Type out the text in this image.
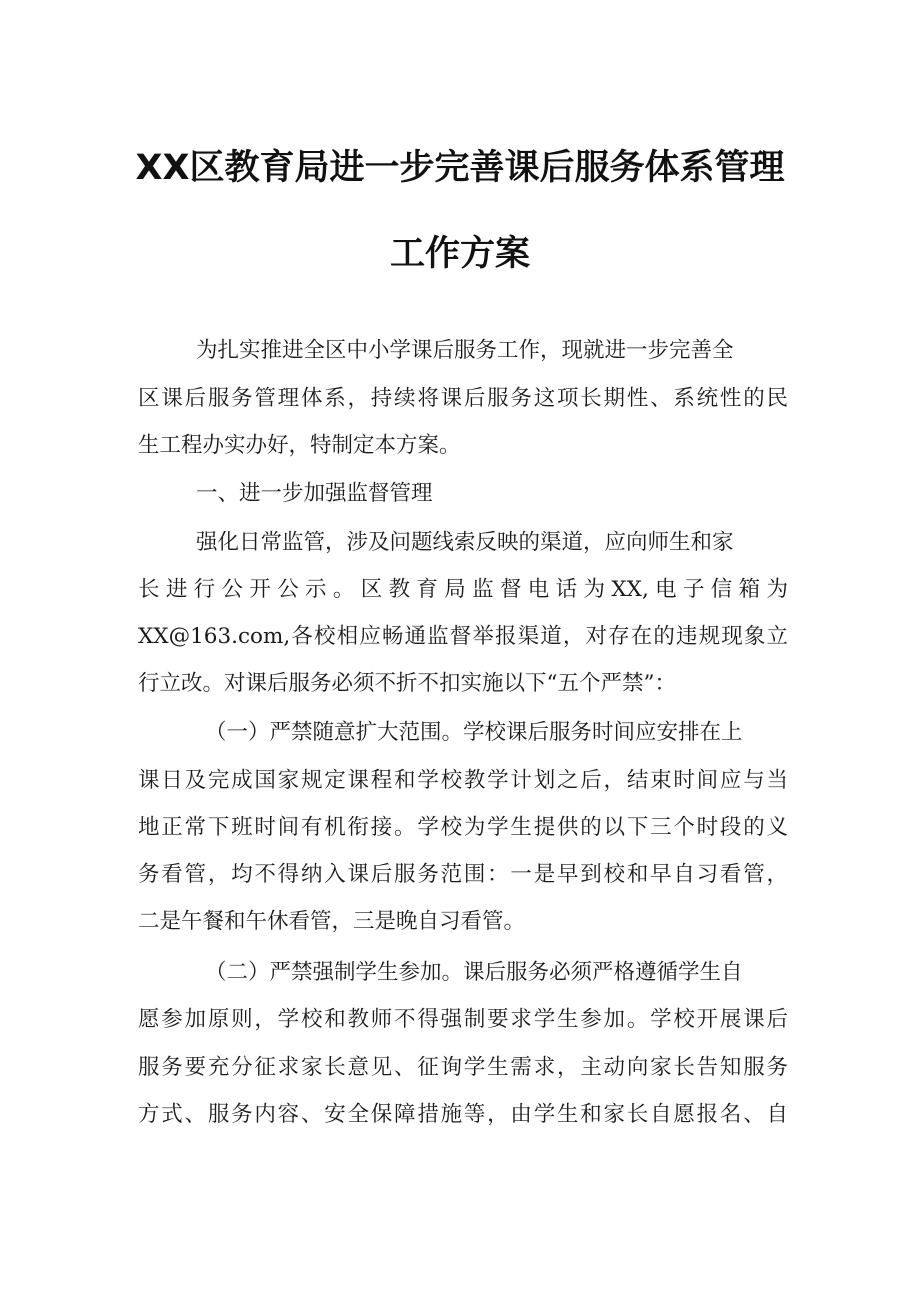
XX区教育局进一步完善课后服务体系管理
工作方案
为扎实推进全区中小学课后服务工作，现就进一步完善全
区课后服务管理体系，持续将课后服务这项长期性、系统性的民
生工程办实办好，特制定本方案。
一、进一步加强监督管理
强化日常监管，涉及问题线索反映的渠道，应向师生和家
长进行公开公示。区教育局监督电话为XX,电子信箱为
XX@163.com,各校相应畅通监督举报渠道，对存在的违规现象立
行立改。对课后服务必须不折不扣实施以下“五个严禁”：
（一）严禁随意扩大范围。学校课后服务时间应安排在上
课日及完成国家规定课程和学校教学计划之后，结束时间应与当
地正常下班时间有机衔接。学校为学生提供的以下三个时段的义
务看管，均不得纳入课后服务范围：一是早到校和早自习看管，
二是午餐和午休看管，三是晚自习看管。
（二）严禁强制学生参加。课后服务必须严格遵循学生自
愿参加原则，学校和教师不得强制要求学生参加。学校开展课后
服务要充分征求家长意见、征询学生需求，主动向家长告知服务
方式、服务内容、安全保障措施等，由学生和家长自愿报名、自
